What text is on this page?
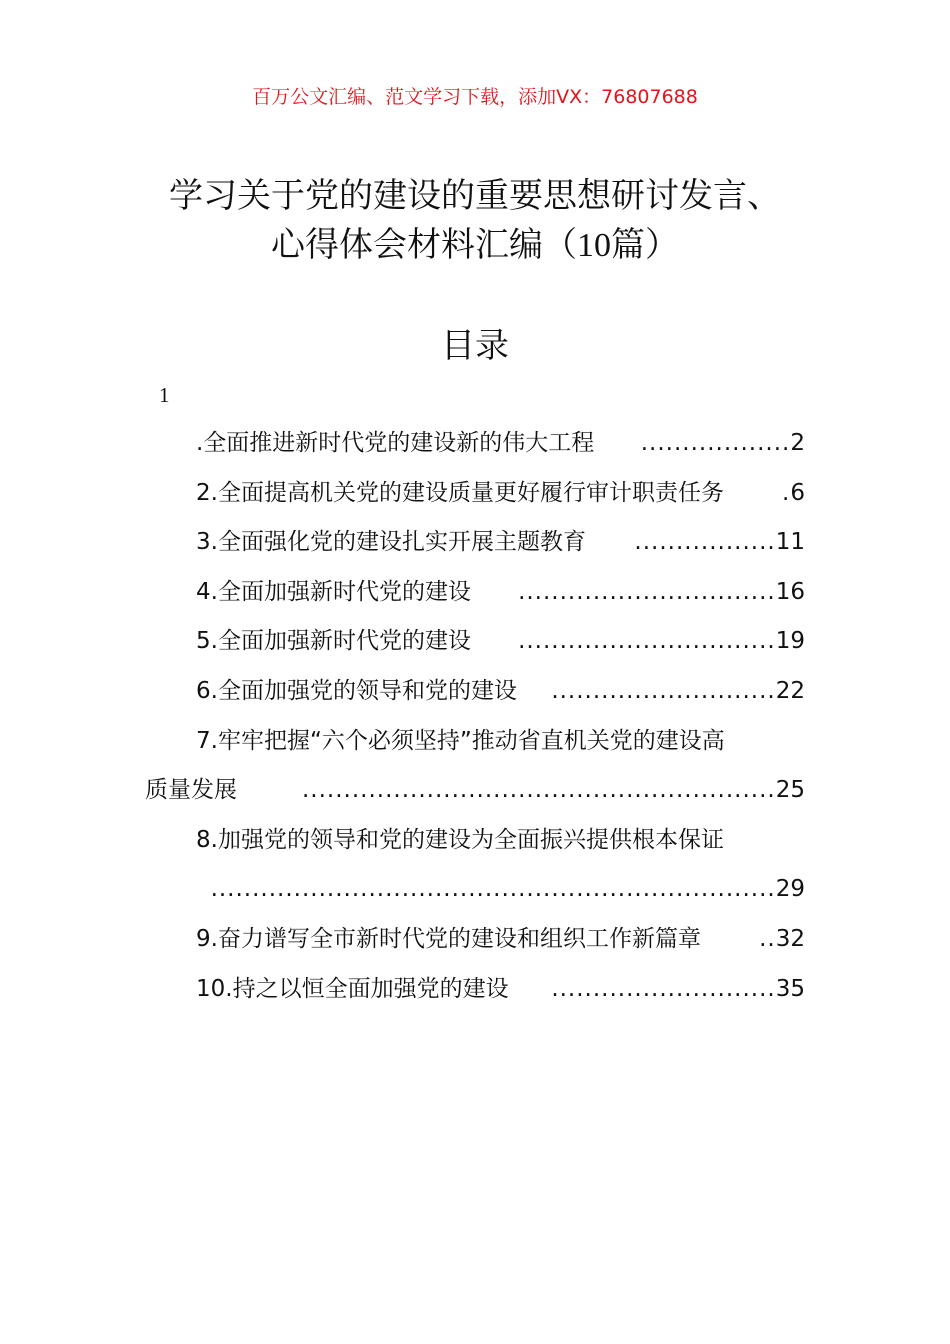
百万公文汇编、范文学习下载，添加VX：76807688
学习关于党的建设的重要思想研讨发言、
心得体会材料汇编（10篇）
目录
1
.全面推进新时代党的建设新的伟大工程	.................. 2
2.全面提高机关党的建设质量更好履行审计职责任务	. 6
3.全面强化党的建设扎实开展主题教育	................. 11
4.全面加强新时代党的建设	............................... 16
5.全面加强新时代党的建设	............................... 19
6.全面加强党的领导和党的建设	........................... 22
7.牢牢把握“六个必须坚持”推动省直机关党的建设高
质量发展	......................................................... 25
8.加强党的领导和党的建设为全面振兴提供根本保证
.................................................................... 29
9.奋力谱写全市新时代党的建设和组织工作新篇章	.. 32
10.持之以恒全面加强党的建设	........................... 35
